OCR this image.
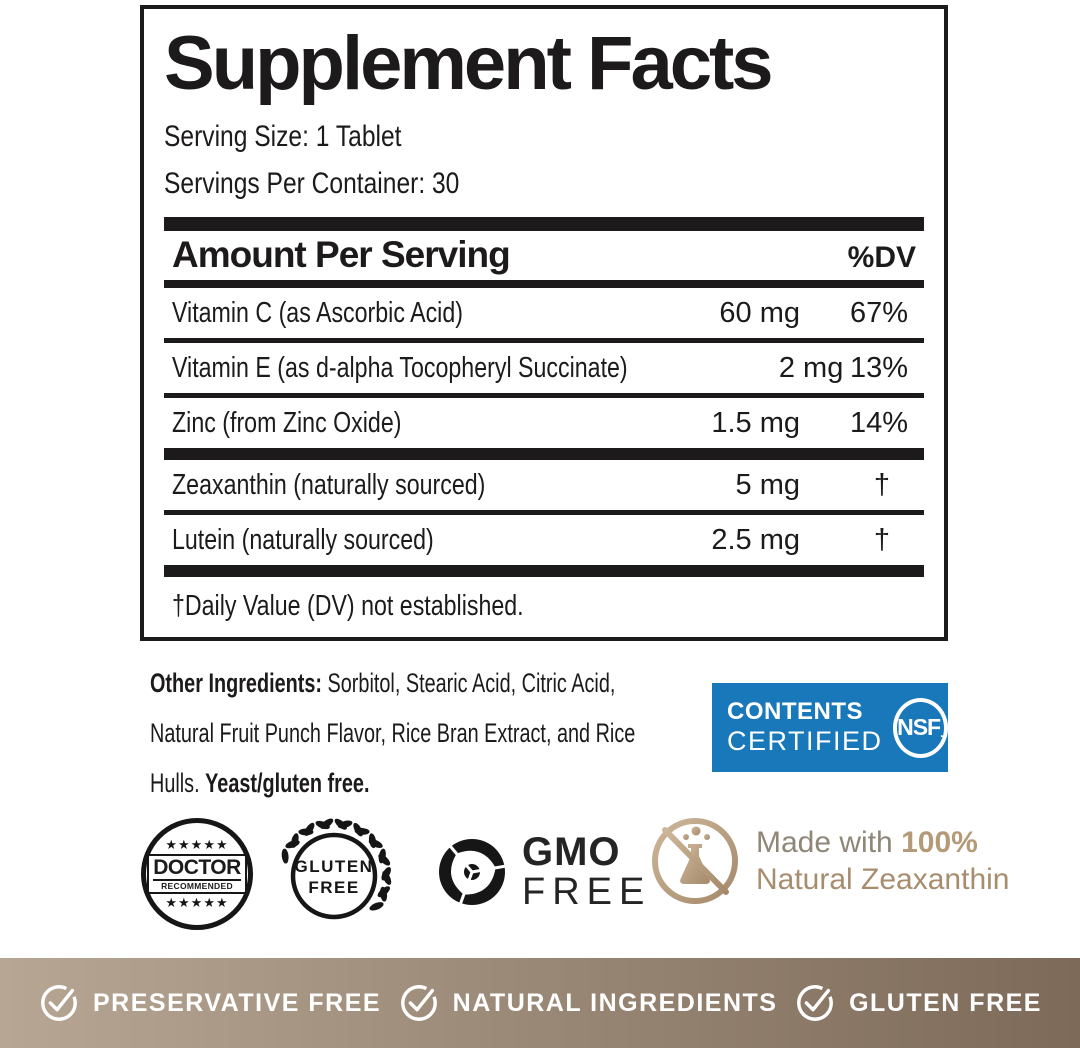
Supplement Facts
Serving Size: 1 Tablet
Servings Per Container: 30
Amount Per Serving	%DV
Vitamin C (as Ascorbic Acid)	60 mg	67%
Vitamin E (as d-alpha Tocopheryl Succinate)	2 mg 13%
Zinc (from Zinc Oxide)	1.5 mg	14%
Zeaxanthin (naturally sourced)	5 mg	†
Lutein (naturally sourced)	2.5 mg	†
†Daily Value (DV) not established.

Other Ingredients: Sorbitol, Stearic Acid, Citric Acid, Natural Fruit Punch Flavor, Rice Bran Extract, and Rice Hulls. Yeast/gluten free.

CONTENTS
CERTIFIED NSF .
★★★★★
DOCTOR
RECOMMENDED
★★★★★
GLUTEN
FREE
GMO
FREE
Made with 100%
Natural Zeaxanthin
PRESERVATIVE FREE	NATURAL INGREDIENTS	GLUTEN FREE
